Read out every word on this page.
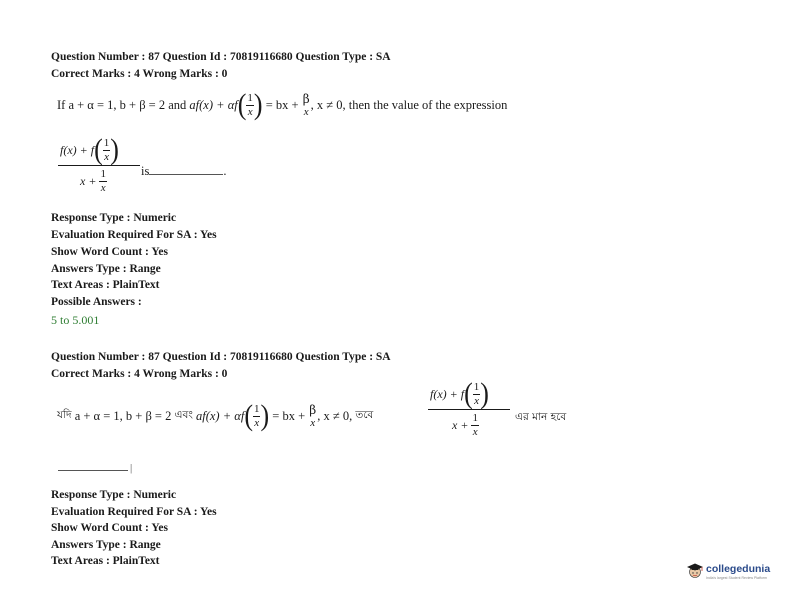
Question Number : 87 Question Id : 70819116680 Question Type : SA
Correct Marks : 4 Wrong Marks : 0
If a + α = 1, b + β = 2 and
af(x)
+ αf ( $\frac{1}{x}$ )
= bx +
β
x , x ≠ 0, then the value of the expression
f(x) + f ( $\frac{1}{x}$ )
x +
$\frac{1}{x}$	is	.
Response Type : Numeric
Evaluation Required For SA : Yes
Show Word Count : Yes
Answers Type : Range
Text Areas : PlainText
Possible Answers :
5 to 5.001
Question Number : 87 Question Id : 70819116680 Question Type : SA
Correct Marks : 4 Wrong Marks : 0
যদি
a + α = 1, b + β = 2
এবং
af(x)
+ αf ( $\frac{1}{x}$ )
= bx +
β
x , x ≠ 0,
তবে
f(x) + f ( $\frac{1}{x}$ )
x +
$\frac{1}{x}$	এর মান হবে
|
Response Type : Numeric
Evaluation Required For SA : Yes
Show Word Count : Yes
Answers Type : Range
Text Areas : PlainText
collegedunia
India's largest Student Review Platform
